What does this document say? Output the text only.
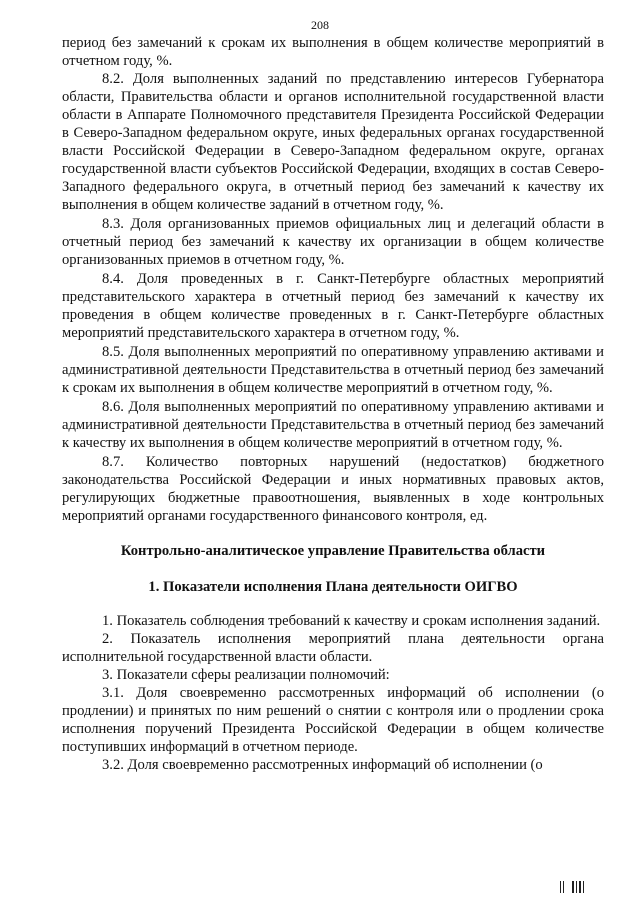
208

период без замечаний к срокам их выполнения в общем количестве мероприятий в отчетном году, %.

8.2. Доля выполненных заданий по представлению интересов Губернатора области, Правительства области и органов исполнительной государственной власти области в Аппарате Полномочного представителя Президента Российской Федерации в Северо-Западном федеральном округе, иных федеральных органах государственной власти Российской Федерации в Северо-Западном федеральном округе, органах государственной власти субъектов Российской Федерации, входящих в состав Северо-Западного федерального округа, в отчетный период без замечаний к качеству их выполнения в общем количестве заданий в отчетном году, %.

8.3. Доля организованных приемов официальных лиц и делегаций области в отчетный период без замечаний к качеству их организации в общем количестве организованных приемов в отчетном году, %.

8.4. Доля проведенных в г. Санкт-Петербурге областных мероприятий представительского характера в отчетный период без замечаний к качеству их проведения в общем количестве проведенных в г. Санкт-Петербурге областных мероприятий представительского характера в отчетном году, %.

8.5. Доля выполненных мероприятий по оперативному управлению активами и административной деятельности Представительства в отчетный период без замечаний к срокам их выполнения в общем количестве мероприятий в отчетном году, %.

8.6. Доля выполненных мероприятий по оперативному управлению активами и административной деятельности Представительства в отчетный период без замечаний к качеству их выполнения в общем количестве мероприятий в отчетном году, %.

8.7. Количество повторных нарушений (недостатков) бюджетного законодательства Российской Федерации и иных нормативных правовых актов, регулирующих бюджетные правоотношения, выявленных в ходе контрольных мероприятий органами государственного финансового контроля, ед.

Контрольно-аналитическое управление Правительства области
1. Показатели исполнения Плана деятельности ОИГВО

1. Показатель соблюдения требований к качеству и срокам исполнения заданий.

2. Показатель исполнения мероприятий плана деятельности органа исполнительной государственной власти области.

3. Показатели сферы реализации полномочий:

3.1. Доля своевременно рассмотренных информаций об исполнении (о продлении) и принятых по ним решений о снятии с контроля или о продлении срока исполнения поручений Президента Российской Федерации в общем количестве поступивших информаций в отчетном периоде.

3.2. Доля своевременно рассмотренных информаций об исполнении (о
